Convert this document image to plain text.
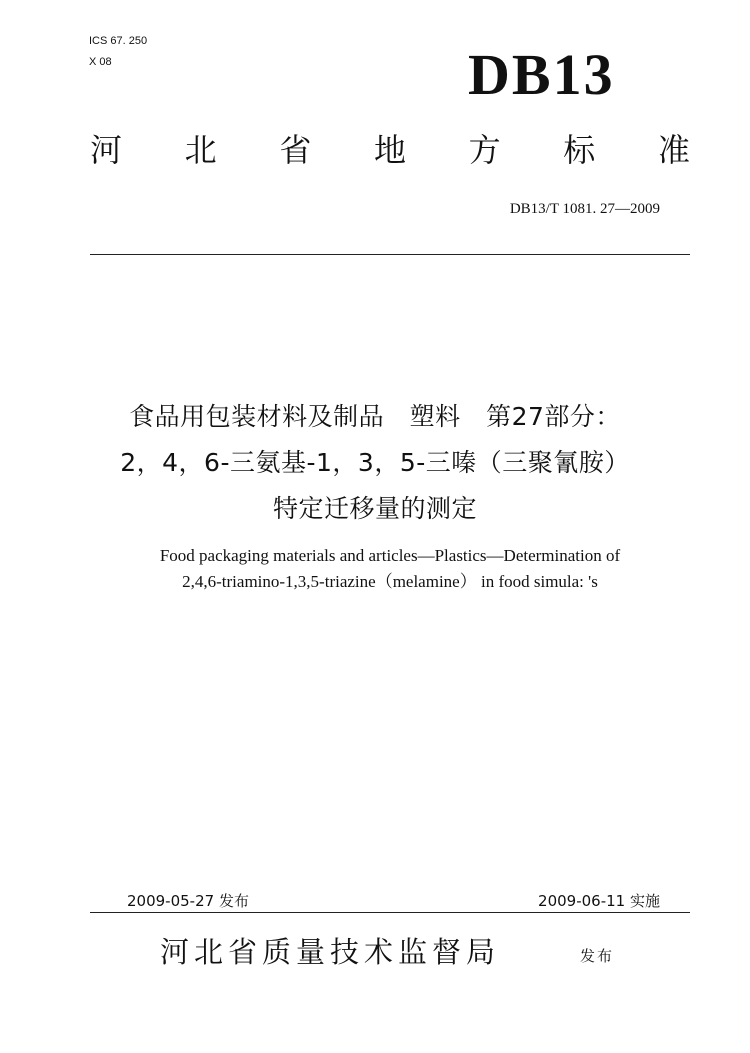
ICS 67. 250
X 08	DB13
河 北 省 地 方 标 准
DB13/T 1081. 27—2009
食品用包装材料及制品　塑料　第27部分：
2，4，6-三氨基-1，3，5-三嗪（三聚氰胺）
特定迁移量的测定
Food packaging materials and articles—Plastics—Determination of
2,4,6-triamino-1,3,5-triazine（melamine） in food simula: 's
2009-05-27 发布	2009-06-11 实施
河北省质量技术监督局	发布
